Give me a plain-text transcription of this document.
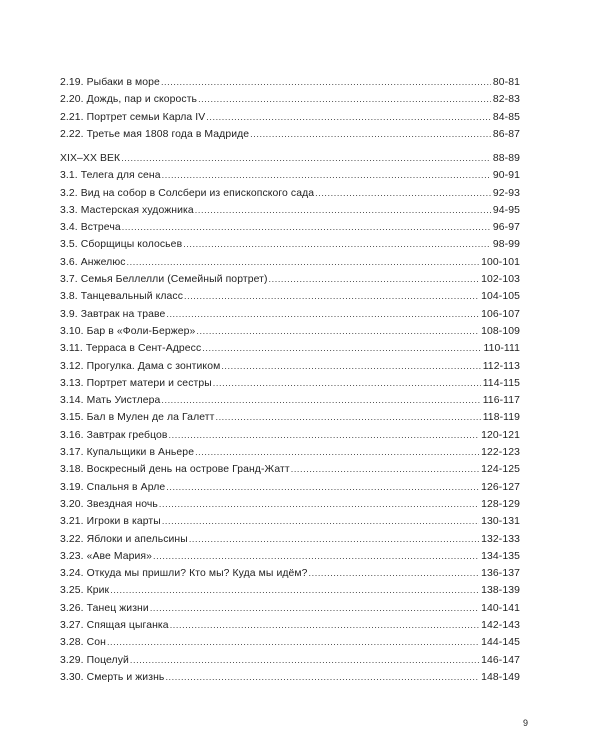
2.19. Рыбаки в море .....	80-81
2.20. Дождь, пар и скорость .....	82-83
2.21. Портрет семьи Карла IV .....	84-85
2.22. Третье мая 1808 года в Мадриде .....	86-87
XIX–XX ВЕК .....	88-89
3.1. Телега для сена .....	90-91
3.2. Вид на собор в Солсбери из епископского сада .....	92-93
3.3. Мастерская художника .....	94-95
3.4. Встреча .....	96-97
3.5. Сборщицы колосьев .....	98-99
3.6. Анжелюс .....	100-101
3.7. Семья Беллелли (Семейный портрет) .....	102-103
3.8. Танцевальный класс .....	104-105
3.9. Завтрак на траве .....	106-107
3.10. Бар в «Фоли-Бержер» .....	108-109
3.11. Терраса в Сент-Адресс .....	110-111
3.12. Прогулка. Дама с зонтиком .....	112-113
3.13. Портрет матери и сестры .....	114-115
3.14. Мать Уистлера .....	116-117
3.15. Бал в Мулен де ла Галетт .....	118-119
3.16. Завтрак гребцов .....	120-121
3.17. Купальщики в Аньере .....	122-123
3.18. Воскресный день на острове Гранд-Жатт .....	124-125
3.19. Спальня в Арле .....	126-127
3.20. Звездная ночь .....	128-129
3.21. Игроки в карты .....	130-131
3.22. Яблоки и апельсины .....	132-133
3.23. «Аве Мария» .....	134-135
3.24. Откуда мы пришли? Кто мы? Куда мы идём? .....	136-137
3.25. Крик .....	138-139
3.26. Танец жизни .....	140-141
3.27. Спящая цыганка .....	142-143
3.28. Сон .....	144-145
3.29. Поцелуй .....	146-147
3.30. Смерть и жизнь .....	148-149
9
